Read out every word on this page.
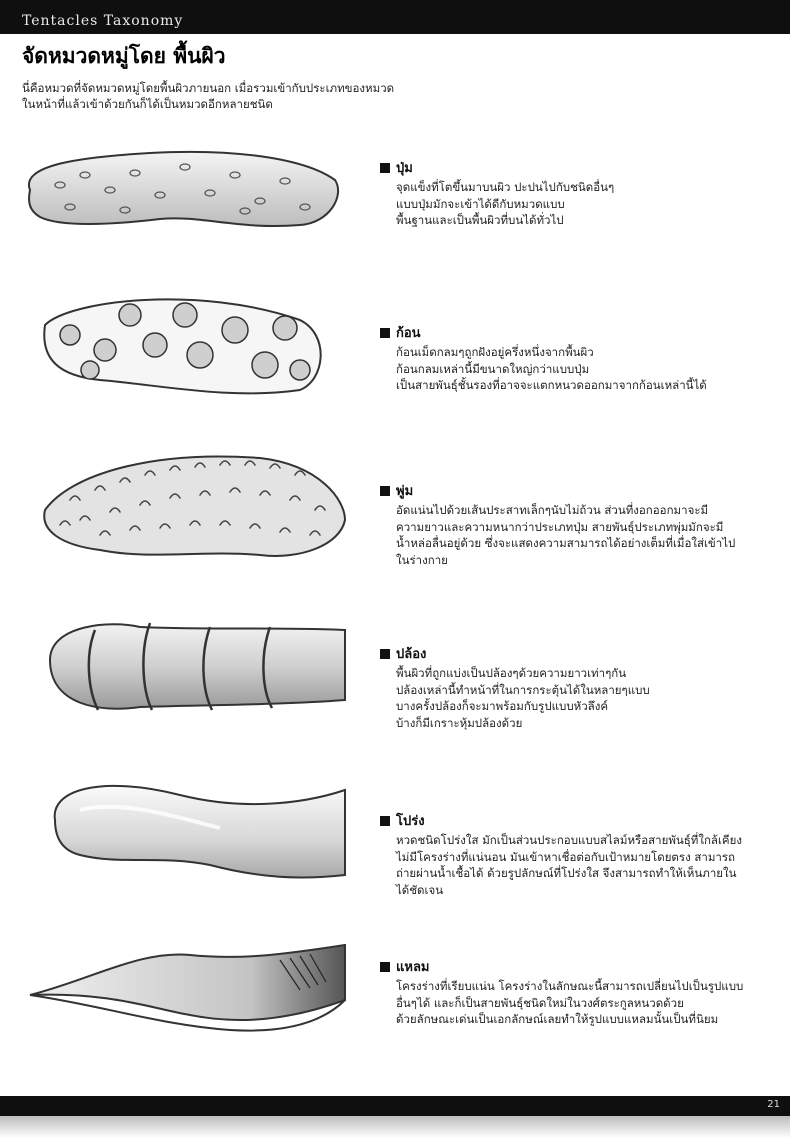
Tentacles Taxonomy
จัดหมวดหมู่โดย พื้นผิว

นี่คือหมวดที่จัดหมวดหมู่โดยพื้นผิวภายนอก เมื่อรวมเข้ากับประเภทของหมวด

ในหน้าที่แล้วเข้าด้วยกันก็ได้เป็นหมวดอีกหลายชนิด

ปุ่ม

จุดแข็งที่โตขึ้นมาบนผิว ปะปนไปกับชนิดอื่นๆ

แบบปุ่มมักจะเข้าได้ดีกับหมวดแบบ

พื้นฐานและเป็นพื้นผิวที่บนได้ทั่วไป

ก้อน

ก้อนเม็ดกลมๆถูกฝังอยู่ครึ่งหนึ่งจากพื้นผิว

ก้อนกลมเหล่านี้มีขนาดใหญ่กว่าแบบปุ่ม

เป็นสายพันธุ์ชั้นรองที่อาจจะแตกหนวดออกมาจากก้อนเหล่านี้ได้

พู่ม

อัดแน่นไปด้วยเส้นประสาทเล็กๆนับไม่ถ้วน ส่วนที่งอกออกมาจะมี

ความยาวและความหนากว่าประเภทปุ่ม สายพันธุ์ประเภทพุ่มมักจะมี

น้ำหล่อลื่นอยู่ด้วย ซึ่งจะแสดงความสามารถได้อย่างเต็มที่เมื่อใส่เข้าไป

ในร่างกาย

ปล้อง

พื้นผิวที่ถูกแบ่งเป็นปล้องๆด้วยความยาวเท่าๆกัน

ปล้องเหล่านี้ทำหน้าที่ในการกระตุ้นได้ในหลายๆแบบ

บางครั้งปล้องก็จะมาพร้อมกับรูปแบบหัวลึงค์

บ้างก็มีเกราะหุ้มปล้องด้วย

โปร่ง

หวดชนิดโปร่งใส มักเป็นส่วนประกอบแบบสไลม์หรือสายพันธุ์ที่ใกล้เคียง

ไม่มีโครงร่างที่แน่นอน มันเข้าหาเชื่อต่อกับเป้าหมายโดยตรง สามารถ

ถ่ายผ่านน้ำเชื้อได้ ด้วยรูปลักษณ์ที่โปร่งใส จึงสามารถทำให้เห็นภายใน

ได้ชัดเจน

แหลม

โครงร่างที่เรียบแน่น โครงร่างในลักษณะนี้สามารถเปลี่ยนไปเป็นรูปแบบ

อื่นๆได้ และก็เป็นสายพันธุ์ชนิดใหม่ในวงศ์ตระกูลหนวดด้วย

ด้วยลักษณะเด่นเป็นเอกลักษณ์เลยทำให้รูปแบบแหลมนั้นเป็นที่นิยม

21
